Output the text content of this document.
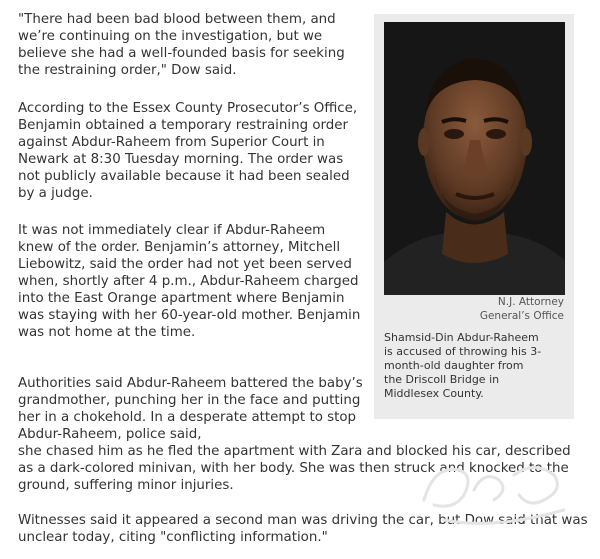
"There had been bad blood between them, and we’re continuing on the investigation, but we believe she had a well-founded basis for seeking the restraining order," Dow said.

According to the Essex County Prosecutor’s Office, Benjamin obtained a temporary restraining order against Abdur-Raheem from Superior Court in Newark at 8:30 Tuesday morning. The order was not publicly available because it had been sealed by a judge.

It was not immediately clear if Abdur-Raheem knew of the order. Benjamin’s attorney, Mitchell Liebowitz, said the order had not yet been served when, shortly after 4 p.m., Abdur-Raheem charged into the East Orange apartment where Benjamin was staying with her 60-year-old mother. Benjamin was not home at the time.

Authorities said Abdur-Raheem battered the baby’s grandmother, punching her in the face and putting her in a chokehold. In a desperate attempt to stop Abdur-Raheem, police said,

she chased him as he fled the apartment with Zara and blocked his car, described as a dark-colored minivan, with her body. She was then struck and knocked to the ground, suffering minor injuries.

Witnesses said it appeared a second man was driving the car, but Dow said that was unclear today, citing "conflicting information."

N.J. Attorney
General’s Office
Shamsid-Din Abdur-Raheem is accused of throwing his 3-month-old daughter from the Driscoll Bridge in Middlesex County.
